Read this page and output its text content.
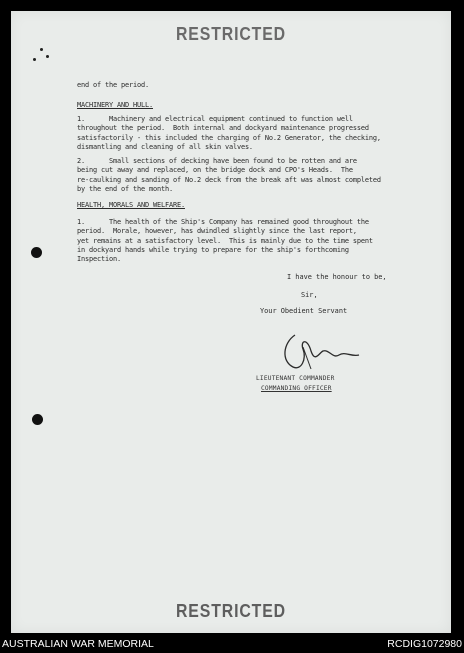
RESTRICTED
end of the period.
MACHINERY AND HULL.
1.      Machinery and electrical equipment continued to function well
throughout the period.  Both internal and dockyard maintenance progressed
satisfactorily - this included the charging of No.2 Generator, the checking,
dismantling and cleaning of all skin valves.
2.      Small sections of decking have been found to be rotten and are
being cut away and replaced, on the bridge dock and CPO's Heads.  The
re-caulking and sanding of No.2 deck from the break aft was almost completed
by the end of the month.
HEALTH, MORALS AND WELFARE.
1.      The health of the Ship's Company has remained good throughout the
period.  Morale, however, has dwindled slightly since the last report,
yet remains at a satisfactory level.  This is mainly due to the time spent
in dockyard hands while trying to prepare for the ship's forthcoming
Inspection.
I have the honour to be,
Sir,
Your Obedient Servant
LIEUTENANT COMMANDER
COMMANDING OFFICER
RESTRICTED
AUSTRALIAN WAR MEMORIAL	RCDIG1072980
